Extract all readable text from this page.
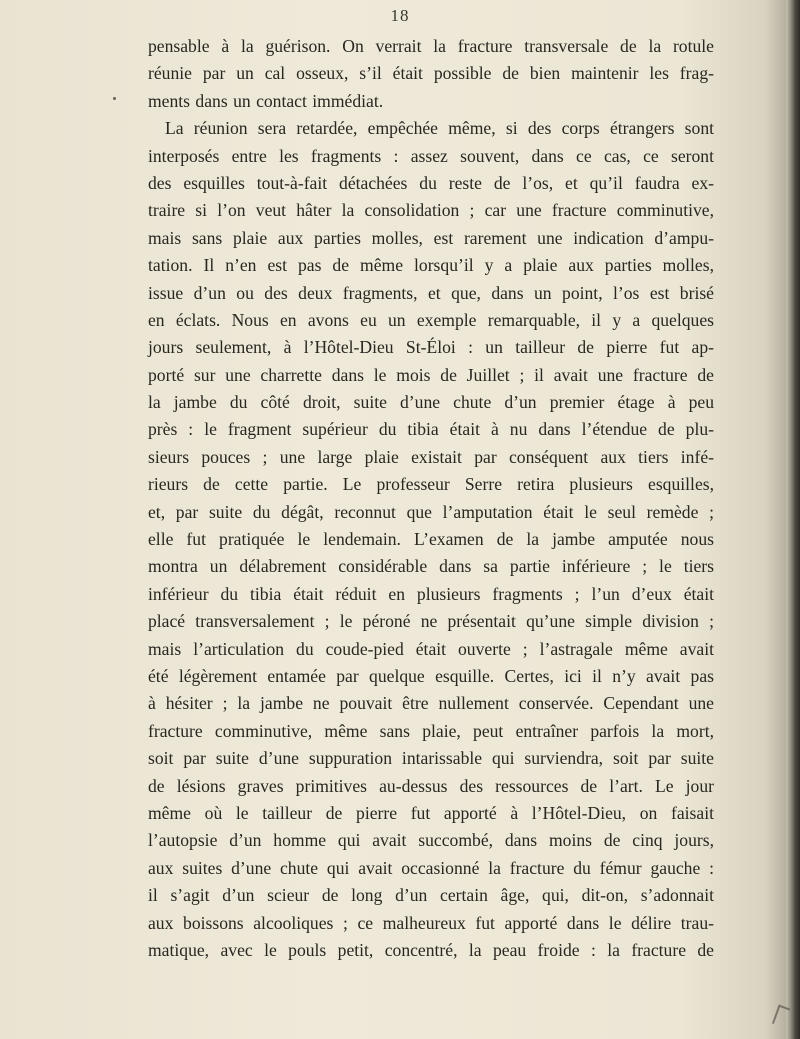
18
pensable à la guérison. On verrait la fracture transversale de la rotule
réunie par un cal osseux, s’il était possible de bien maintenir les frag-
ments dans un contact immédiat.
La réunion sera retardée, empêchée même, si des corps étrangers sont
interposés entre les fragments : assez souvent, dans ce cas, ce seront
des esquilles tout-à-fait détachées du reste de l’os, et qu’il faudra ex-
traire si l’on veut hâter la consolidation ; car une fracture comminutive,
mais sans plaie aux parties molles, est rarement une indication d’ampu-
tation. Il n’en est pas de même lorsqu’il y a plaie aux parties molles,
issue d’un ou des deux fragments, et que, dans un point, l’os est brisé
en éclats. Nous en avons eu un exemple remarquable, il y a quelques
jours seulement, à l’Hôtel-Dieu St-Éloi : un tailleur de pierre fut ap-
porté sur une charrette dans le mois de Juillet ; il avait une fracture de
la jambe du côté droit, suite d’une chute d’un premier étage à peu
près : le fragment supérieur du tibia était à nu dans l’étendue de plu-
sieurs pouces ; une large plaie existait par conséquent aux tiers infé-
rieurs de cette partie. Le professeur Serre retira plusieurs esquilles,
et, par suite du dégât, reconnut que l’amputation était le seul remède ;
elle fut pratiquée le lendemain. L’examen de la jambe amputée nous
montra un délabrement considérable dans sa partie inférieure ; le tiers
inférieur du tibia était réduit en plusieurs fragments ; l’un d’eux était
placé transversalement ; le péroné ne présentait qu’une simple division ;
mais l’articulation du coude-pied était ouverte ; l’astragale même avait
été légèrement entamée par quelque esquille. Certes, ici il n’y avait pas
à hésiter ; la jambe ne pouvait être nullement conservée. Cependant une
fracture comminutive, même sans plaie, peut entraîner parfois la mort,
soit par suite d’une suppuration intarissable qui surviendra, soit par suite
de lésions graves primitives au-dessus des ressources de l’art. Le jour
même où le tailleur de pierre fut apporté à l’Hôtel-Dieu, on faisait
l’autopsie d’un homme qui avait succombé, dans moins de cinq jours,
aux suites d’une chute qui avait occasionné la fracture du fémur gauche :
il s’agit d’un scieur de long d’un certain âge, qui, dit-on, s’adonnait
aux boissons alcooliques ; ce malheureux fut apporté dans le délire trau-
matique, avec le pouls petit, concentré, la peau froide : la fracture de
